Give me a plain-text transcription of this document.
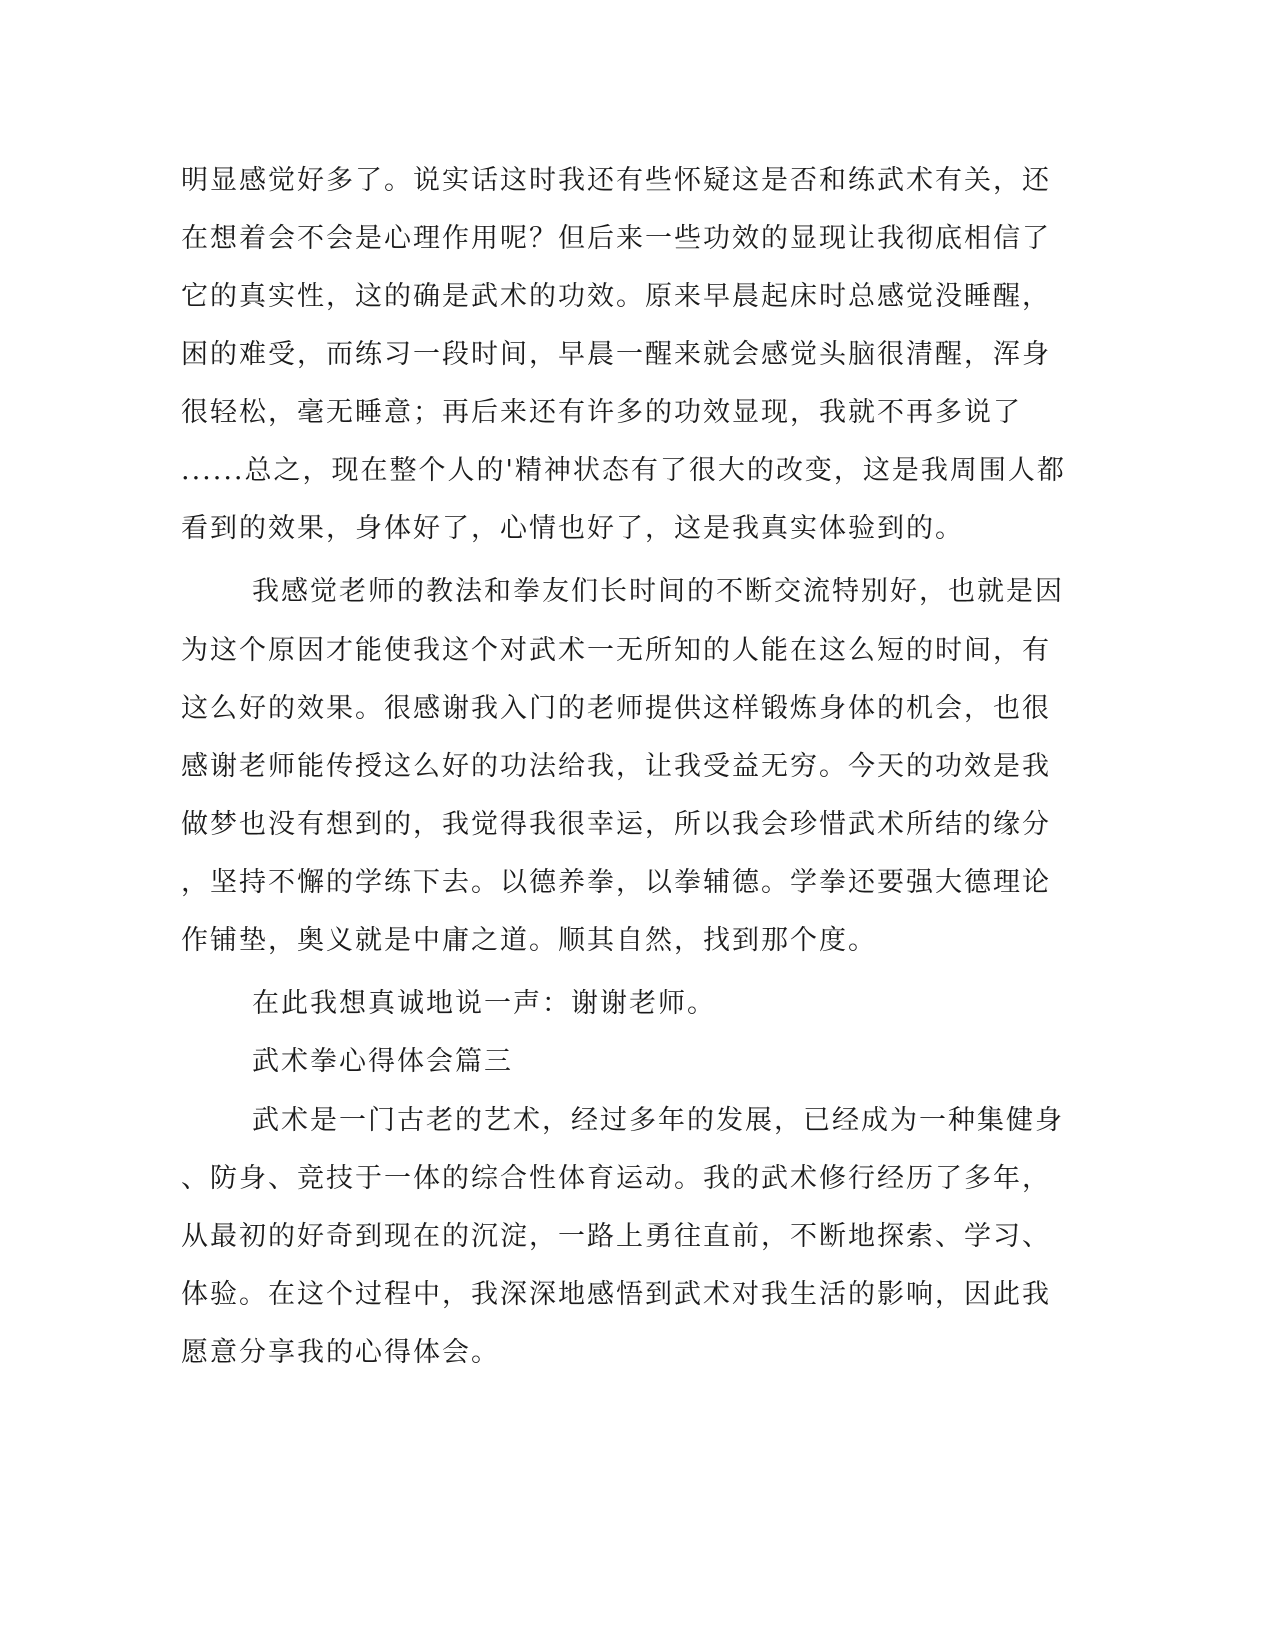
明显感觉好多了。说实话这时我还有些怀疑这是否和练武术有关，还
在想着会不会是心理作用呢？但后来一些功效的显现让我彻底相信了
它的真实性，这的确是武术的功效。原来早晨起床时总感觉没睡醒，
困的难受，而练习一段时间，早晨一醒来就会感觉头脑很清醒，浑身
很轻松，毫无睡意；再后来还有许多的功效显现，我就不再多说了
......总之，现在整个人的'精神状态有了很大的改变，这是我周围人都
看到的效果，身体好了，心情也好了，这是我真实体验到的。
我感觉老师的教法和拳友们长时间的不断交流特别好，也就是因
为这个原因才能使我这个对武术一无所知的人能在这么短的时间，有
这么好的效果。很感谢我入门的老师提供这样锻炼身体的机会，也很
感谢老师能传授这么好的功法给我，让我受益无穷。今天的功效是我
做梦也没有想到的，我觉得我很幸运，所以我会珍惜武术所结的缘分
，坚持不懈的学练下去。以德养拳，以拳辅德。学拳还要强大德理论
作铺垫，奥义就是中庸之道。顺其自然，找到那个度。
在此我想真诚地说一声：谢谢老师。
武术拳心得体会篇三
武术是一门古老的艺术，经过多年的发展，已经成为一种集健身
、防身、竞技于一体的综合性体育运动。我的武术修行经历了多年，
从最初的好奇到现在的沉淀，一路上勇往直前，不断地探索、学习、
体验。在这个过程中，我深深地感悟到武术对我生活的影响，因此我
愿意分享我的心得体会。
